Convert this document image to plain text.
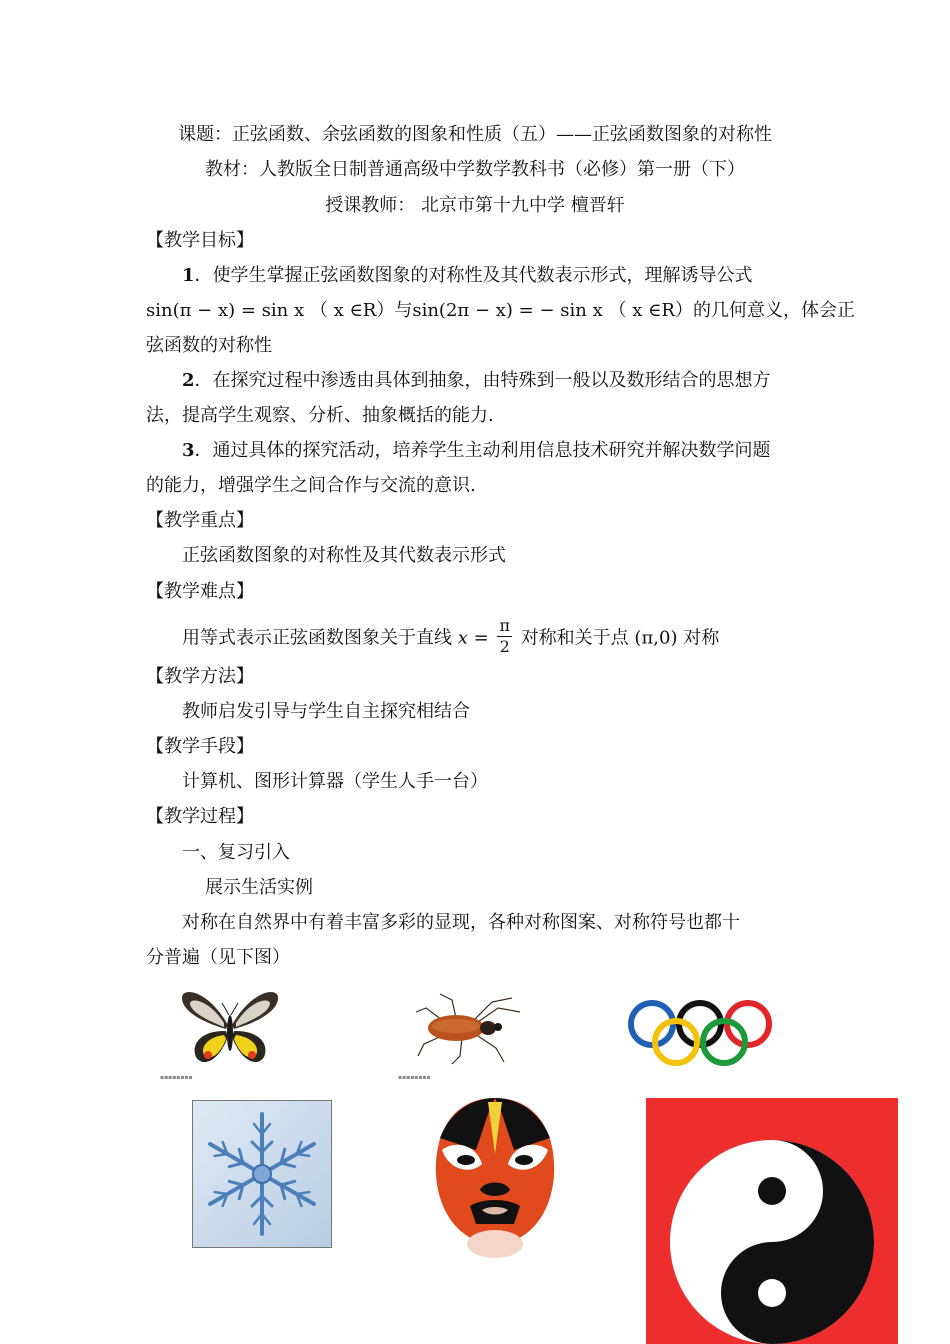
课题：正弦函数、余弦函数的图象和性质（五）——正弦函数图象的对称性
教材：人教版全日制普通高级中学数学教科书（必修）第一册（下）
授课教师： 北京市第十九中学 檀晋轩
【教学目标】
1．使学生掌握正弦函数图象的对称性及其代数表示形式，理解诱导公式
sin(π − x) = sin x （ x ∈R）与sin(2π − x) = − sin x （ x ∈R）的几何意义，体会正
弦函数的对称性
2．在探究过程中渗透由具体到抽象，由特殊到一般以及数形结合的思想方
法，提高学生观察、分析、抽象概括的能力.
3．通过具体的探究活动，培养学生主动利用信息技术研究并解决数学问题
的能力，增强学生之间合作与交流的意识.
【教学重点】
正弦函数图象的对称性及其代数表示形式
【教学难点】
用等式表示正弦函数图象关于直线 $x = \frac{\pi}{2}$ 对称和关于点 (π,0) 对称
【教学方法】
教师启发引导与学生自主探究相结合
【教学手段】
计算机、图形计算器（学生人手一台）
【教学过程】
一、复习引入
展示生活实例
对称在自然界中有着丰富多彩的显现，各种对称图案、对称符号也都十
分普遍（见下图）
▪▪▪▪▪▪▪▪	▪▪▪▪▪▪▪▪
